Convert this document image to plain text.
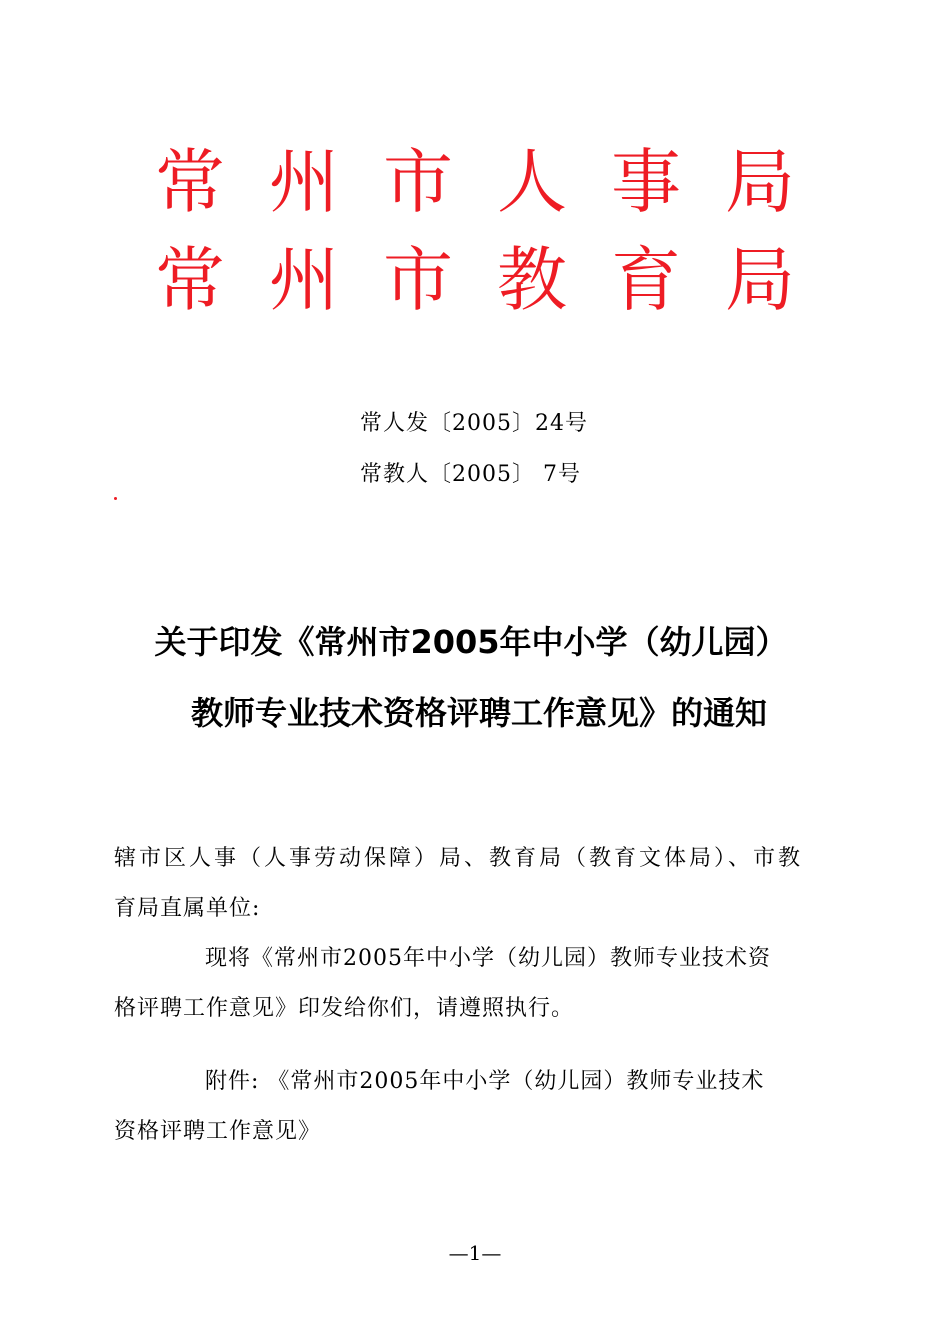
常州市人事局
常州市教育局
常人发〔2005〕24号
常教人〔2005〕 7号
关于印发《常州市2005年中小学（幼儿园）
教师专业技术资格评聘工作意见》的通知
辖市区人事（人事劳动保障）局、教育局（教育文体局）、市教
育局直属单位:
现将《常州市2005年中小学（幼儿园）教师专业技术资
格评聘工作意见》印发给你们，请遵照执行。
附件: 《常州市2005年中小学（幼儿园）教师专业技术
资格评聘工作意见》
—1—
